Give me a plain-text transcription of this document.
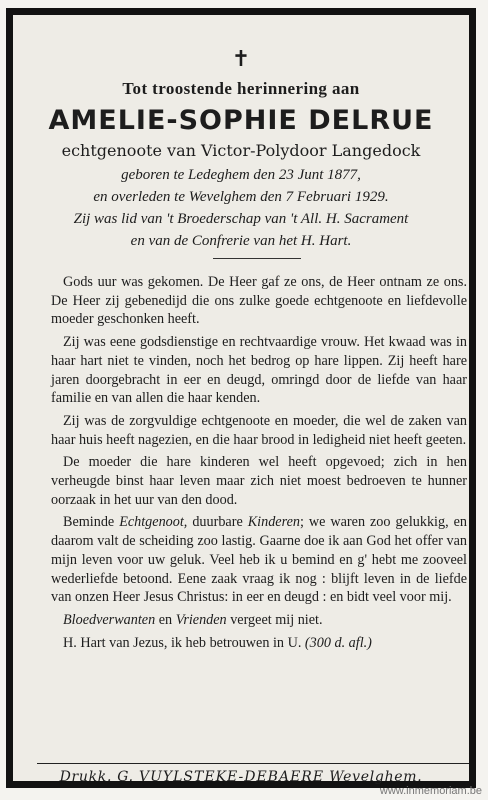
✝
Tot troostende herinnering aan
AMELIE-SOPHIE DELRUE
echtgenoote van Victor-Polydoor Langedock
geboren te Ledeghem den 23 Junt 1877,
en overleden te Wevelghem den 7 Februari 1929.
Zij was lid van 't Broederschap van 't All. H. Sacrament
en van de Confrerie van het H. Hart.

Gods uur was gekomen. De Heer gaf ze ons, de Heer ontnam ze ons. De Heer zij gebenedijd die ons zulke goede echtgenoote en liefdevolle moeder geschonken heeft.

Zij was eene godsdienstige en rechtvaardige vrouw. Het kwaad was in haar hart niet te vinden, noch het bedrog op hare lippen. Zij heeft hare jaren doorgebracht in eer en deugd, omringd door de liefde van haar familie en van allen die haar kenden.

Zij was de zorgvuldige echtgenoote en moeder, die wel de zaken van haar huis heeft nagezien, en die haar brood in ledigheid niet heeft geeten.

De moeder die hare kinderen wel heeft opgevoed; zich in hen verheugde binst haar leven maar zich niet moest bedroeven te hunner oorzaak in het uur van den dood.

Beminde Echtgenoot, duurbare Kinderen; we waren zoo gelukkig, en daarom valt de scheiding zoo lastig. Gaarne doe ik aan God het offer van mijn leven voor uw geluk. Veel heb ik u bemind en g' hebt me zooveel wederliefde betoond. Eene zaak vraag ik nog : blijft leven in de liefde van onzen Heer Jesus Christus: in eer en deugd : en bidt veel voor mij.

Bloedverwanten en Vrienden vergeet mij niet.

H. Hart van Jezus, ik heb betrouwen in U. (300 d. afl.)

Drukk. G. VUYLSTEKE-DEBAERE Wevelghem.
www.inmemoriam.be
